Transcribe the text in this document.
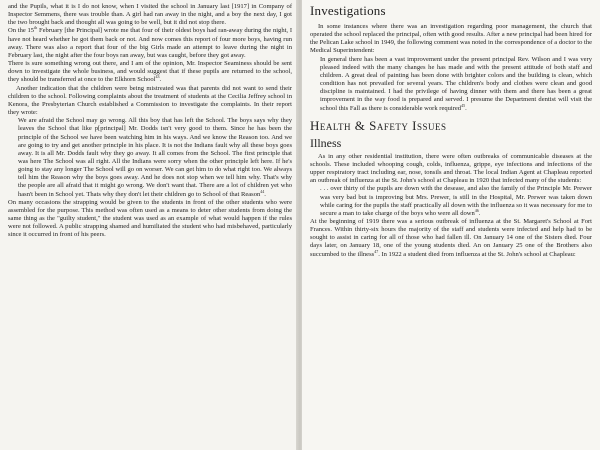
and the Pupils, what it is I do not know, when I visited the school in January last [1917] in Company of Inspector Semmens, there was trouble than. A girl had ran away in the night, and a boy the next day, I got the two brought back and thought all was going to be well, but it did not stop there.

On the 15th February [the Principal] wrote me that four of their oldest boys had ran-away during the night, I have not heard whether he got them back or not. And now comes this report of four more boys, having run away. There was also a report that four of the big Girls made an attempt to leave during the night in February last, the night after the four boys ran away, but was caught, before they got away.

There is sure something wrong out there, and I am of the opinion, Mr. Inspector Seaminess should be sent down to investigate the whole business, and would suggest that if these pupils are returned to the school, they should be transferred at once to the Elkhorn School$^{43}$.

Another indication that the children were being mistreated was that parents did not want to send their children to the school. Following complaints about the treatment of students at the Cecilia Jeffrey school in Kenora, the Presbyterian Church established a Commission to investigate the complaints. In their report they wrote:

We are afraid the School may go wrong. All this boy that has left the School. The boys says why they leaves the School that like p[principal] Mr. Dodds isn't very good to them. Since he has been the principle of the School we have been watching him in his ways. And we know the Reason too. And we are going to try and get another principle in his place. It is not the Indians fault why all these boys goes away. It is all Mr. Dodds fault why they go away. It all comes from the School. The first principle that was here The School was all right. All the Indians were sorry when the other principle left here. If he's going to stay any longer The School will go on worser. We can get him to do what right too. We always tell him the Reason why the boys goes away. And he does not stop when we tell him why. That's why the people are all afraid that it might go wrong. We don't want that. There are a lot of children yet who hasn't been in School yet. Thats why they don't let their children go to School of that Reason$^{44}$.

On many occasions the strapping would be given to the students in front of the other students who were assembled for the purpose. This method was often used as a means to deter other students from doing the same thing as the "guilty student," the student was used as an example of what would happen if the rules were not followed. A public strapping shamed and humiliated the student who had misbehaved, particularly since it occurred in front of his peers.

Investigations

In some instances where there was an investigation regarding poor management, the church that operated the school replaced the principal, often with good results. After a new principal had been hired for the Pelican Lake school in 1949, the following comment was noted in the correspondence of a doctor to the Medical Superintendent:

In general there has been a vast improvement under the present principal Rev. Wilson and I was very pleased indeed with the many changes he has made and with the present attitude of both staff and children. A great deal of painting has been done with brighter colors and the building is clean, which condition has not prevailed for several years. The children's body and clothes were clean and good discipline is maintained. I had the privilege of having dinner with them and there has been a great improvement in the way food is prepared and served. I presume the Department dentist will visit the school this Fall as there is considerable work required$^{45}$.
Health & Safety Issues
Illness

As in any other residential institution, there were often outbreaks of communicable diseases at the schools. These included whooping cough, colds, influenza, grippe, eye infections and infections of the upper respiratory tract including ear, nose, tonsils and throat. The local Indian Agent at Chapleau reported an outbreak of influenza at the St. John's school at Chapleau in 1920 that infected many of the students:

. . . over thirty of the pupils are down with the desease, and also the family of the Principle Mr. Prewer was very bad but is improving but Mrs. Prewer, is still in the Hospital, Mr. Prewer was taken down while caring for the pupils the staff practically all down with the influenza so it was necessary for me to secure a man to take charge of the boys who were all down$^{46}$.

At the beginning of 1919 there was a serious outbreak of influenza at the St. Margaret's School at Fort Frances. Within thirty-six hours the majority of the staff and students were infected and help had to be sought to assist in caring for all of those who had fallen ill. On January 14 one of the Sisters died. Four days later, on January 18, one of the young students died. An on January 25 one of the Brothers also succumbed to the illness$^{47}$. In 1922 a student died from influenza at the St. John's school at Chapleau:
